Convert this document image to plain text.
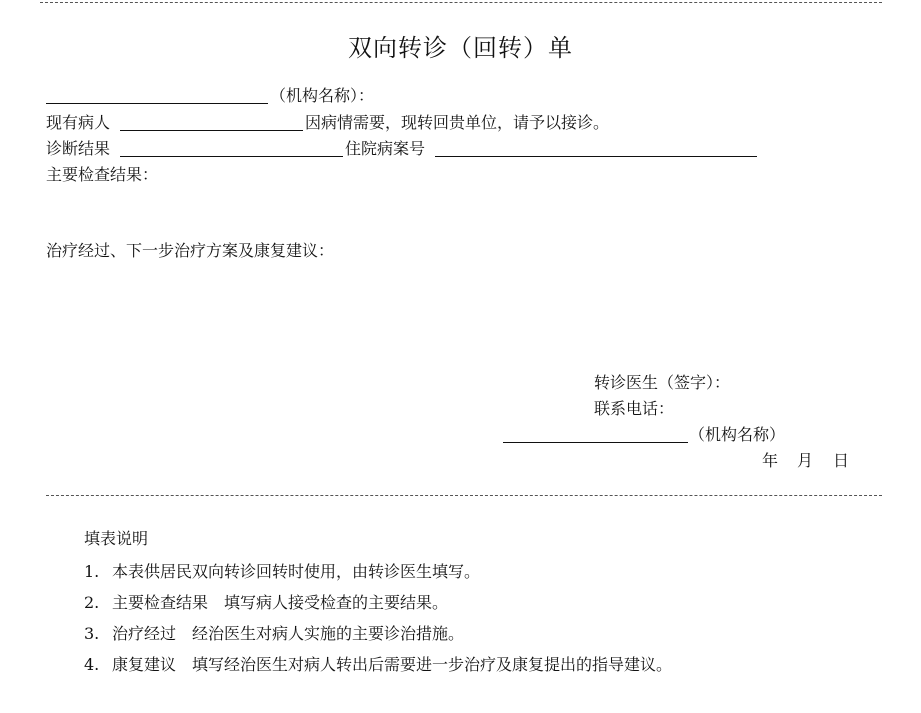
双向转诊（回转）单
（机构名称）：
现有病人	因病情需要，现转回贵单位，请予以接诊。
诊断结果	住院病案号
主要检查结果：
治疗经过、下一步治疗方案及康复建议：
转诊医生（签字）：
联系电话：
（机构名称）
年 月 日
填表说明
1. 本表供居民双向转诊回转时使用，由转诊医生填写。
2. 主要检查结果　填写病人接受检查的主要结果。
3. 治疗经过　经治医生对病人实施的主要诊治措施。
4. 康复建议　填写经治医生对病人转出后需要进一步治疗及康复提出的指导建议。
